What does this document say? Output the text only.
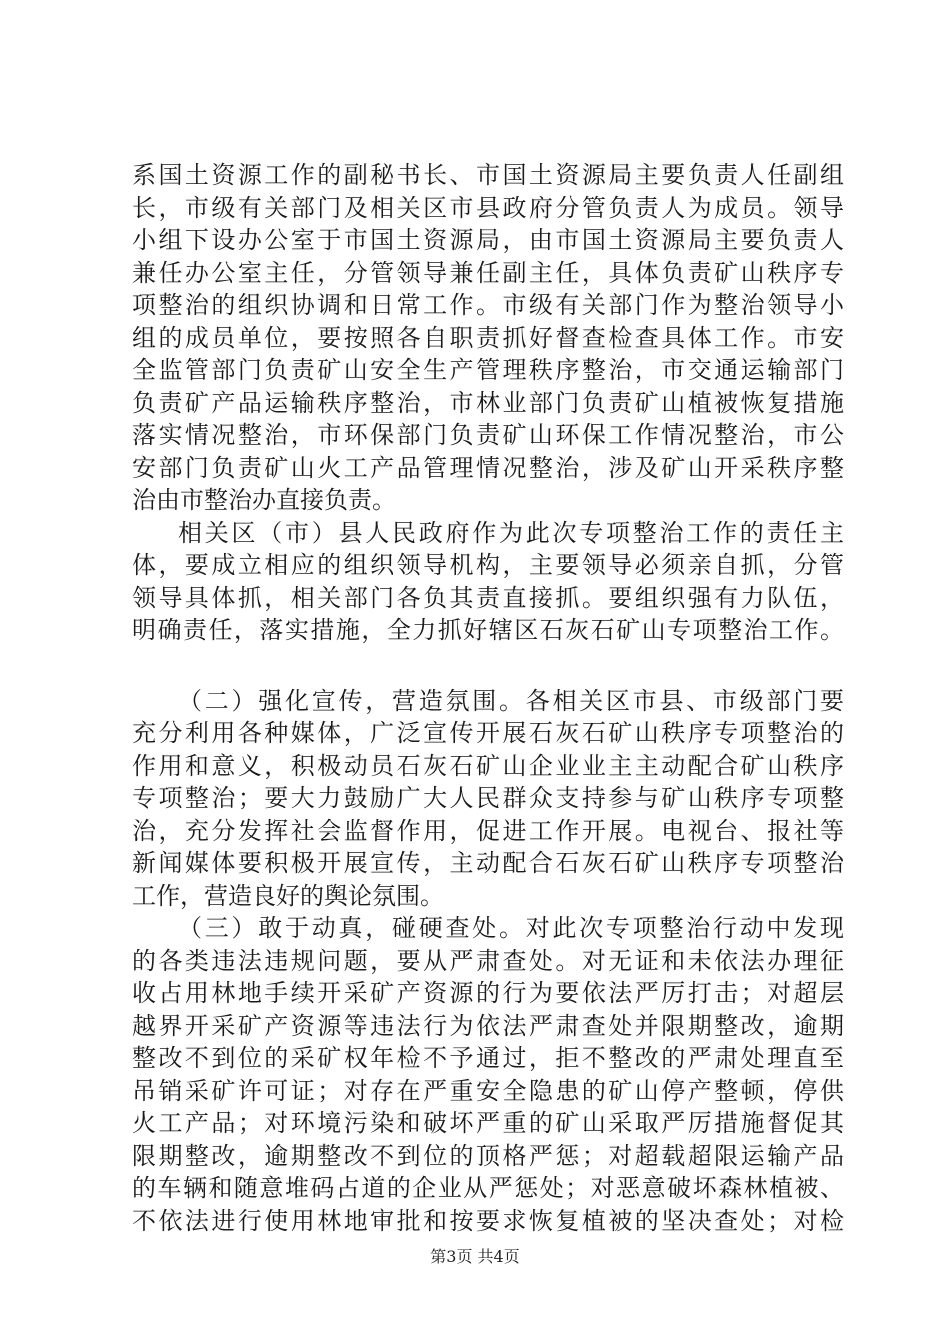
系国土资源工作的副秘书长、市国土资源局主要负责人任副组
长，市级有关部门及相关区市县政府分管负责人为成员。领导
小组下设办公室于市国土资源局，由市国土资源局主要负责人
兼任办公室主任，分管领导兼任副主任，具体负责矿山秩序专
项整治的组织协调和日常工作。市级有关部门作为整治领导小
组的成员单位，要按照各自职责抓好督查检查具体工作。市安
全监管部门负责矿山安全生产管理秩序整治，市交通运输部门
负责矿产品运输秩序整治，市林业部门负责矿山植被恢复措施
落实情况整治，市环保部门负责矿山环保工作情况整治，市公
安部门负责矿山火工产品管理情况整治，涉及矿山开采秩序整
治由市整治办直接负责。
相关区（市）县人民政府作为此次专项整治工作的责任主
体，要成立相应的组织领导机构，主要领导必须亲自抓，分管
领导具体抓，相关部门各负其责直接抓。要组织强有力队伍，
明确责任，落实措施，全力抓好辖区石灰石矿山专项整治工作。
（二）强化宣传，营造氛围。各相关区市县、市级部门要
充分利用各种媒体，广泛宣传开展石灰石矿山秩序专项整治的
作用和意义，积极动员石灰石矿山企业业主主动配合矿山秩序
专项整治；要大力鼓励广大人民群众支持参与矿山秩序专项整
治，充分发挥社会监督作用，促进工作开展。电视台、报社等
新闻媒体要积极开展宣传，主动配合石灰石矿山秩序专项整治
工作，营造良好的舆论氛围。
（三）敢于动真，碰硬查处。对此次专项整治行动中发现
的各类违法违规问题，要从严肃查处。对无证和未依法办理征
收占用林地手续开采矿产资源的行为要依法严厉打击；对超层
越界开采矿产资源等违法行为依法严肃查处并限期整改，逾期
整改不到位的采矿权年检不予通过，拒不整改的严肃处理直至
吊销采矿许可证；对存在严重安全隐患的矿山停产整顿，停供
火工产品；对环境污染和破坏严重的矿山采取严厉措施督促其
限期整改，逾期整改不到位的顶格严惩；对超载超限运输产品
的车辆和随意堆码占道的企业从严惩处；对恶意破坏森林植被、
不依法进行使用林地审批和按要求恢复植被的坚决查处；对检
第3页 共4页
